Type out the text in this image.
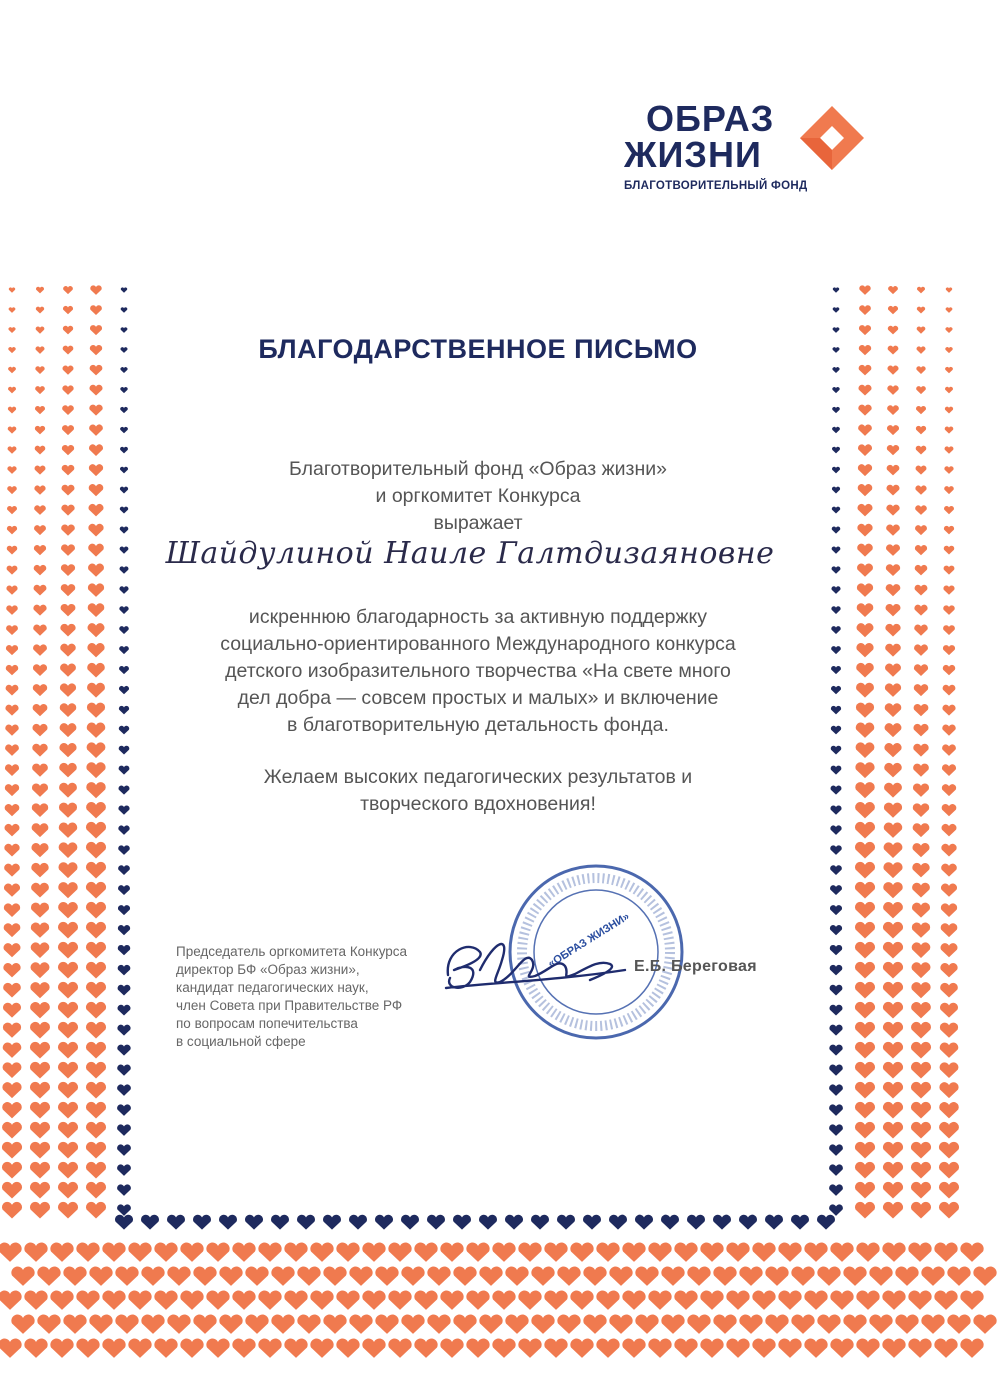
ОБРАЗ
ЖИЗНИ
БЛАГОТВОРИТЕЛЬНЫЙ ФОНД
БЛАГОДАРСТВЕННОЕ ПИСЬМО
Благотворительный фонд «Образ жизни»
и оргкомитет Конкурса
выражает
Шайдулиной Наиле Галтдизаяновне
искреннюю благодарность за активную поддержку
социально-ориентированного Международного конкурса
детского изобразительного творчества «На свете много
дел добра — совсем простых и малых» и включение
в благотворительную детальность фонда.
Желаем высоких педагогических результатов и
творческого вдохновения!
Председатель оргкомитета Конкурса
директор БФ «Образ жизни»,
кандидат педагогических наук,
член Совета при Правительстве РФ
по вопросам попечительства
в социальной сфере
«ОБРАЗ ЖИЗНИ» Е.Б. Береговая
